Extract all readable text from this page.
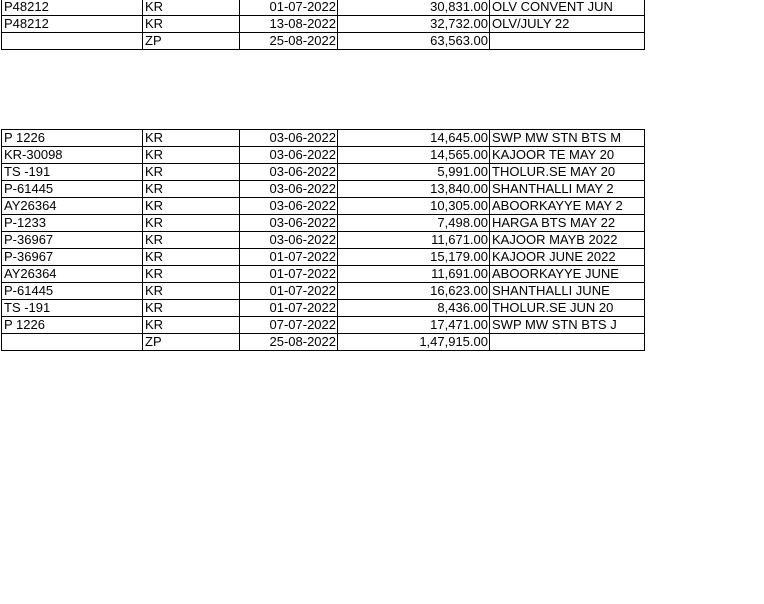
P48212	KR	01-07-2022	30,831.00	OLV CONVENT JUN
P48212	KR	13-08-2022	32,732.00	OLV/JULY 22
	ZP	25-08-2022	63,563.00	
P 1226	KR	03-06-2022	14,645.00	SWP MW STN BTS M
KR-30098	KR	03-06-2022	14,565.00	KAJOOR TE MAY 20
TS -191	KR	03-06-2022	5,991.00	THOLUR.SE MAY 20
P-61445	KR	03-06-2022	13,840.00	SHANTHALLI MAY 2
AY26364	KR	03-06-2022	10,305.00	ABOORKAYYE MAY 2
P-1233	KR	03-06-2022	7,498.00	HARGA BTS MAY 22
P-36967	KR	03-06-2022	11,671.00	KAJOOR MAYB 2022
P-36967	KR	01-07-2022	15,179.00	KAJOOR JUNE 2022
AY26364	KR	01-07-2022	11,691.00	ABOORKAYYE JUNE
P-61445	KR	01-07-2022	16,623.00	SHANTHALLI JUNE
TS -191	KR	01-07-2022	8,436.00	THOLUR.SE JUN 20
P 1226	KR	07-07-2022	17,471.00	SWP MW STN BTS J
	ZP	25-08-2022	1,47,915.00	
